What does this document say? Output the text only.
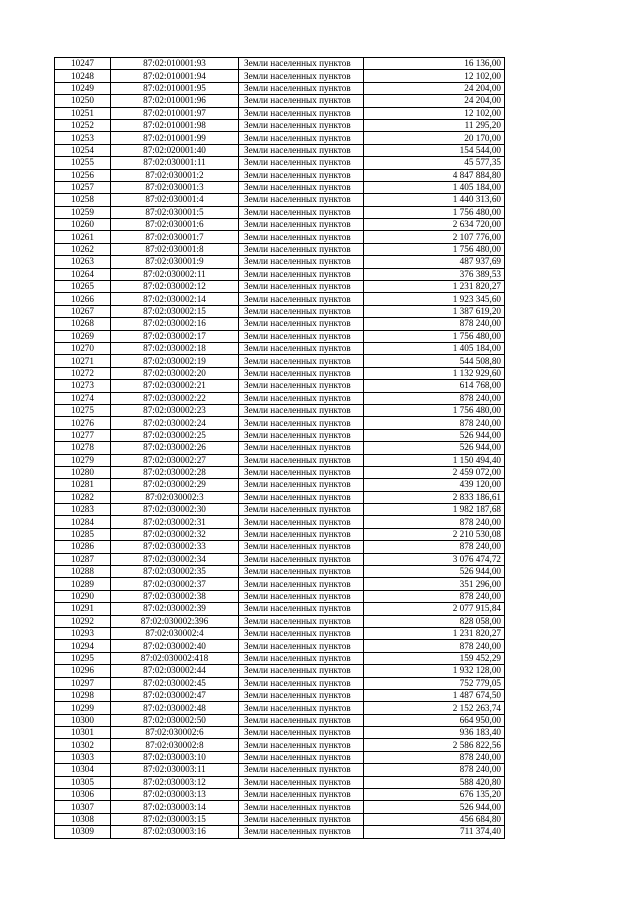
10247	87:02:010001:93	Земли населенных пунктов	16 136,00
10248	87:02:010001:94	Земли населенных пунктов	12 102,00
10249	87:02:010001:95	Земли населенных пунктов	24 204,00
10250	87:02:010001:96	Земли населенных пунктов	24 204,00
10251	87:02:010001:97	Земли населенных пунктов	12 102,00
10252	87:02:010001:98	Земли населенных пунктов	11 295,20
10253	87:02:010001:99	Земли населенных пунктов	20 170,00
10254	87:02:020001:40	Земли населенных пунктов	154 544,00
10255	87:02:030001:11	Земли населенных пунктов	45 577,35
10256	87:02:030001:2	Земли населенных пунктов	4 847 884,80
10257	87:02:030001:3	Земли населенных пунктов	1 405 184,00
10258	87:02:030001:4	Земли населенных пунктов	1 440 313,60
10259	87:02:030001:5	Земли населенных пунктов	1 756 480,00
10260	87:02:030001:6	Земли населенных пунктов	2 634 720,00
10261	87:02:030001:7	Земли населенных пунктов	2 107 776,00
10262	87:02:030001:8	Земли населенных пунктов	1 756 480,00
10263	87:02:030001:9	Земли населенных пунктов	487 937,69
10264	87:02:030002:11	Земли населенных пунктов	376 389,53
10265	87:02:030002:12	Земли населенных пунктов	1 231 820,27
10266	87:02:030002:14	Земли населенных пунктов	1 923 345,60
10267	87:02:030002:15	Земли населенных пунктов	1 387 619,20
10268	87:02:030002:16	Земли населенных пунктов	878 240,00
10269	87:02:030002:17	Земли населенных пунктов	1 756 480,00
10270	87:02:030002:18	Земли населенных пунктов	1 405 184,00
10271	87:02:030002:19	Земли населенных пунктов	544 508,80
10272	87:02:030002:20	Земли населенных пунктов	1 132 929,60
10273	87:02:030002:21	Земли населенных пунктов	614 768,00
10274	87:02:030002:22	Земли населенных пунктов	878 240,00
10275	87:02:030002:23	Земли населенных пунктов	1 756 480,00
10276	87:02:030002:24	Земли населенных пунктов	878 240,00
10277	87:02:030002:25	Земли населенных пунктов	526 944,00
10278	87:02:030002:26	Земли населенных пунктов	526 944,00
10279	87:02:030002:27	Земли населенных пунктов	1 150 494,40
10280	87:02:030002:28	Земли населенных пунктов	2 459 072,00
10281	87:02:030002:29	Земли населенных пунктов	439 120,00
10282	87:02:030002:3	Земли населенных пунктов	2 833 186,61
10283	87:02:030002:30	Земли населенных пунктов	1 982 187,68
10284	87:02:030002:31	Земли населенных пунктов	878 240,00
10285	87:02:030002:32	Земли населенных пунктов	2 210 530,08
10286	87:02:030002:33	Земли населенных пунктов	878 240,00
10287	87:02:030002:34	Земли населенных пунктов	3 076 474,72
10288	87:02:030002:35	Земли населенных пунктов	526 944,00
10289	87:02:030002:37	Земли населенных пунктов	351 296,00
10290	87:02:030002:38	Земли населенных пунктов	878 240,00
10291	87:02:030002:39	Земли населенных пунктов	2 077 915,84
10292	87:02:030002:396	Земли населенных пунктов	828 058,00
10293	87:02:030002:4	Земли населенных пунктов	1 231 820,27
10294	87:02:030002:40	Земли населенных пунктов	878 240,00
10295	87:02:030002:418	Земли населенных пунктов	159 452,29
10296	87:02:030002:44	Земли населенных пунктов	1 932 128,00
10297	87:02:030002:45	Земли населенных пунктов	752 779,05
10298	87:02:030002:47	Земли населенных пунктов	1 487 674,50
10299	87:02:030002:48	Земли населенных пунктов	2 152 263,74
10300	87:02:030002:50	Земли населенных пунктов	664 950,00
10301	87:02:030002:6	Земли населенных пунктов	936 183,40
10302	87:02:030002:8	Земли населенных пунктов	2 586 822,56
10303	87:02:030003:10	Земли населенных пунктов	878 240,00
10304	87:02:030003:11	Земли населенных пунктов	878 240,00
10305	87:02:030003:12	Земли населенных пунктов	588 420,80
10306	87:02:030003:13	Земли населенных пунктов	676 135,20
10307	87:02:030003:14	Земли населенных пунктов	526 944,00
10308	87:02:030003:15	Земли населенных пунктов	456 684,80
10309	87:02:030003:16	Земли населенных пунктов	711 374,40
